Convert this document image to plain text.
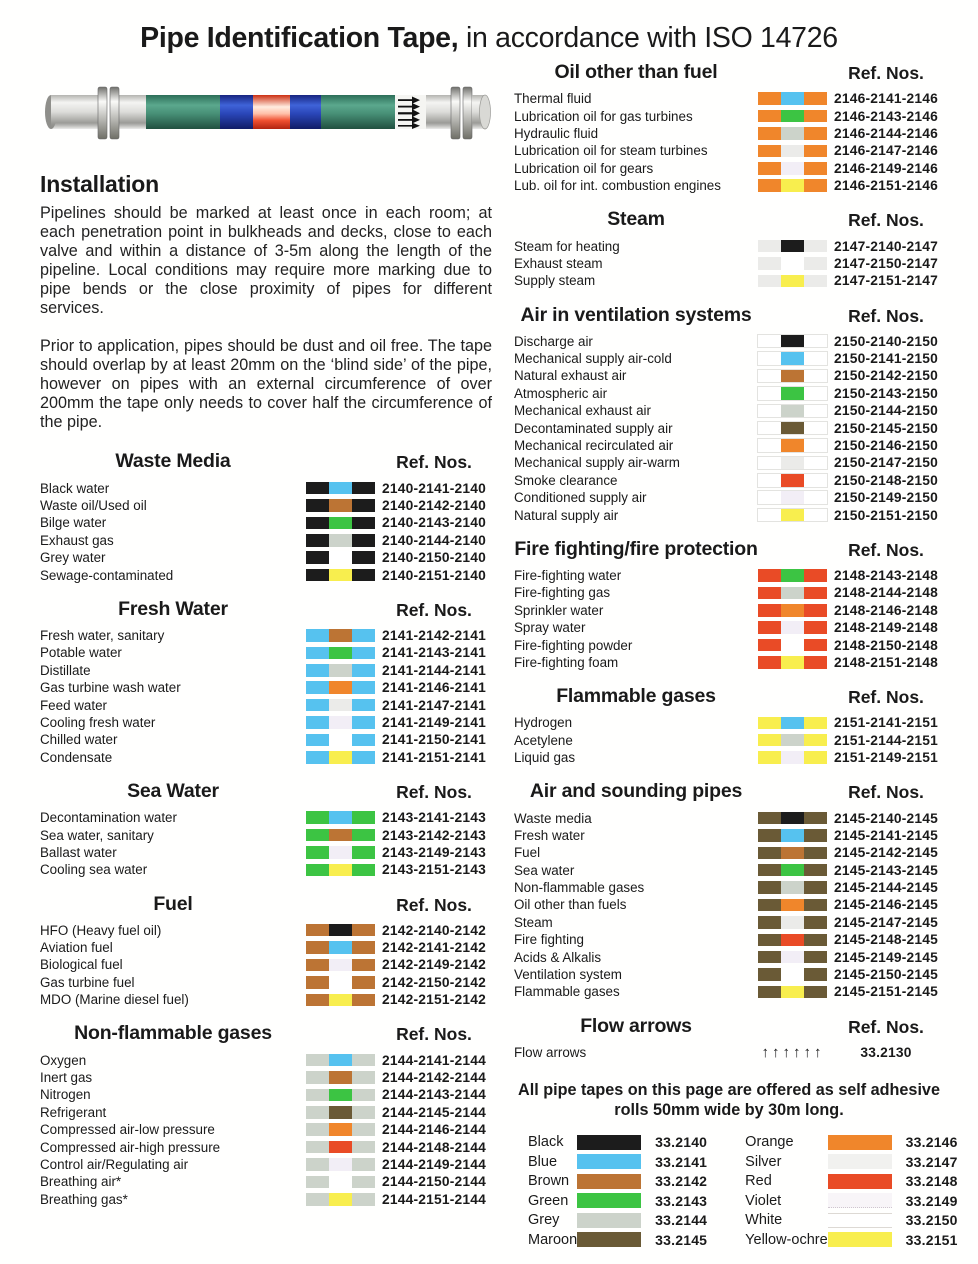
Pipe Identification Tape, in accordance with ISO 14726
Installation

Pipelines should be marked at least once in each room; at each penetration point in bulkheads and decks, close to each valve and within a distance of 3-5m along the length of the pipeline. Local conditions may require more marking due to pipe bends or the close proximity of pipes for different services.

Prior to application, pipes should be dust and oil free. The tape should overlap by at least 20mm on the ‘blind side’ of the pipe, however on pipes with an external circumference of over 200mm the tape only needs to cover half the circumference of the pipe.

Waste Media	Ref. Nos.
Black water	2140-2141-2140
Waste oil/Used oil	2140-2142-2140
Bilge water	2140-2143-2140
Exhaust gas	2140-2144-2140
Grey water	2140-2150-2140
Sewage-contaminated	2140-2151-2140
Fresh Water	Ref. Nos.
Fresh water, sanitary	2141-2142-2141
Potable water	2141-2143-2141
Distillate	2141-2144-2141
Gas turbine wash water	2141-2146-2141
Feed water	2141-2147-2141
Cooling fresh water	2141-2149-2141
Chilled water	2141-2150-2141
Condensate	2141-2151-2141
Sea Water	Ref. Nos.
Decontamination water	2143-2141-2143
Sea water, sanitary	2143-2142-2143
Ballast water	2143-2149-2143
Cooling sea water	2143-2151-2143
Fuel	Ref. Nos.
HFO (Heavy fuel oil)	2142-2140-2142
Aviation fuel	2142-2141-2142
Biological fuel	2142-2149-2142
Gas turbine fuel	2142-2150-2142
MDO (Marine diesel fuel)	2142-2151-2142
Non-flammable gases	Ref. Nos.
Oxygen	2144-2141-2144
Inert gas	2144-2142-2144
Nitrogen	2144-2143-2144
Refrigerant	2144-2145-2144
Compressed air-low pressure	2144-2146-2144
Compressed air-high pressure	2144-2148-2144
Control air/Regulating air	2144-2149-2144
Breathing air*	2144-2150-2144
Breathing gas*	2144-2151-2144
Oil other than fuel	Ref. Nos.
Thermal fluid	2146-2141-2146
Lubrication oil for gas turbines	2146-2143-2146
Hydraulic fluid	2146-2144-2146
Lubrication oil for steam turbines	2146-2147-2146
Lubrication oil for gears	2146-2149-2146
Lub. oil for int. combustion engines	2146-2151-2146
Steam	Ref. Nos.
Steam for heating	2147-2140-2147
Exhaust steam	2147-2150-2147
Supply steam	2147-2151-2147
Air in ventilation systems	Ref. Nos.
Discharge air	2150-2140-2150
Mechanical supply air-cold	2150-2141-2150
Natural exhaust air	2150-2142-2150
Atmospheric air	2150-2143-2150
Mechanical exhaust air	2150-2144-2150
Decontaminated supply air	2150-2145-2150
Mechanical recirculated air	2150-2146-2150
Mechanical supply air-warm	2150-2147-2150
Smoke clearance	2150-2148-2150
Conditioned supply air	2150-2149-2150
Natural supply air	2150-2151-2150
Fire fighting/fire protection	Ref. Nos.
Fire-fighting water	2148-2143-2148
Fire-fighting gas	2148-2144-2148
Sprinkler water	2148-2146-2148
Spray water	2148-2149-2148
Fire-fighting powder	2148-2150-2148
Fire-fighting foam	2148-2151-2148
Flammable gases	Ref. Nos.
Hydrogen	2151-2141-2151
Acetylene	2151-2144-2151
Liquid gas	2151-2149-2151
Air and sounding pipes	Ref. Nos.
Waste media	2145-2140-2145
Fresh water	2145-2141-2145
Fuel	2145-2142-2145
Sea water	2145-2143-2145
Non-flammable gases	2145-2144-2145
Oil other than fuels	2145-2146-2145
Steam	2145-2147-2145
Fire fighting	2145-2148-2145
Acids & Alkalis	2145-2149-2145
Ventilation system	2145-2150-2145
Flammable gases	2145-2151-2145
Flow arrows	Ref. Nos.
Flow arrows	↑↑↑↑↑↑	33.2130

All pipe tapes on this page are offered as self adhesive rolls 50mm wide by 30m long.

Black	33.2140
Blue	33.2141
Brown	33.2142
Green	33.2143
Grey	33.2144
Maroon	33.2145
Orange	33.2146
Silver	33.2147
Red	33.2148
Violet	33.2149
White	33.2150
Yellow-ochre	33.2151
